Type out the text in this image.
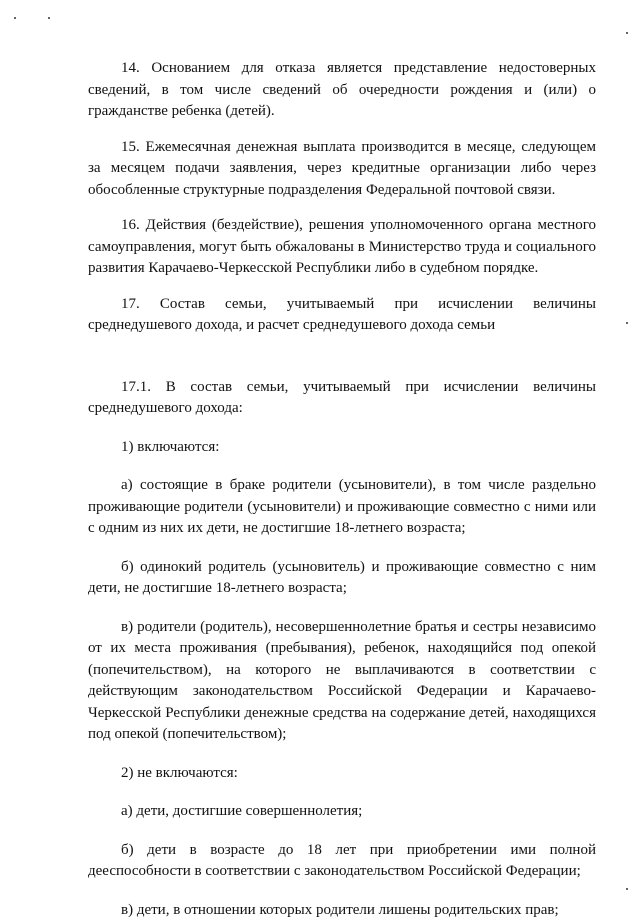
14. Основанием для отказа является представление недостоверных сведений, в том числе сведений об очередности рождения и (или) о гражданстве ребенка (детей).

15. Ежемесячная денежная выплата производится в месяце, следующем за месяцем подачи заявления, через кредитные организации либо через обособленные структурные подразделения Федеральной почтовой связи.

16. Действия (бездействие), решения уполномоченного органа местного самоуправления, могут быть обжалованы в Министерство труда и социального развития Карачаево-Черкесской Республики либо в судебном порядке.

17. Состав семьи, учитываемый при исчислении величины среднедушевого дохода, и расчет среднедушевого дохода семьи

17.1. В состав семьи, учитываемый при исчислении величины среднедушевого дохода:

1) включаются:

а) состоящие в браке родители (усыновители), в том числе раздельно проживающие родители (усыновители) и проживающие совместно с ними или с одним из них их дети, не достигшие 18-летнего возраста;

б) одинокий родитель (усыновитель) и проживающие совместно с ним дети, не достигшие 18-летнего возраста;

в) родители (родитель), несовершеннолетние братья и сестры независимо от их места проживания (пребывания), ребенок, находящийся под опекой (попечительством), на которого не выплачиваются в соответствии с действующим законодательством Российской Федерации и Карачаево-Черкесской Республики денежные средства на содержание детей, находящихся под опекой (попечительством);

2) не включаются:

а) дети, достигшие совершеннолетия;

б) дети в возрасте до 18 лет при приобретении ими полной дееспособности в соответствии с законодательством Российской Федерации;

в) дети, в отношении которых родители лишены родительских прав;
